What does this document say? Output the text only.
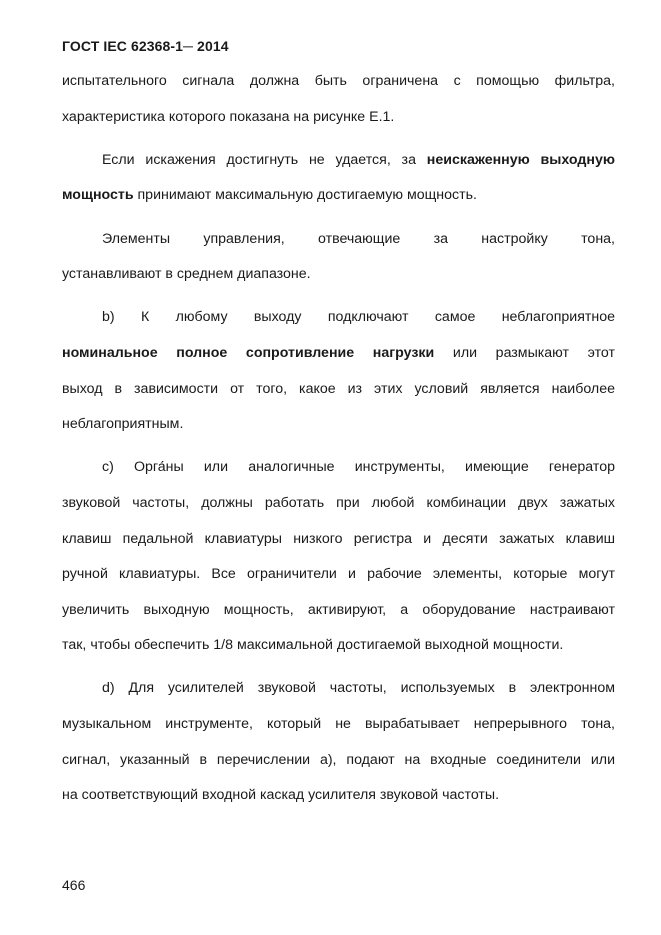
ГОСТ IEC 62368-1─ 2014
испытательного сигнала должна быть ограничена с помощью фильтра,
характеристика которого показана на рисунке Е.1.
Если искажения достигнуть не удается, за неискаженную выходную
мощность принимают максимальную достигаемую мощность.
Элементы управления, отвечающие за настройку тона,
устанавливают в среднем диапазоне.
b) К любому выходу подключают самое неблагоприятное
номинальное полное сопротивление нагрузки или размыкают этот
выход в зависимости от того, какое из этих условий является наиболее
неблагоприятным.
с) Орга́ны или аналогичные инструменты, имеющие генератор
звуковой частоты, должны работать при любой комбинации двух зажатых
клавиш педальной клавиатуры низкого регистра и десяти зажатых клавиш
ручной клавиатуры. Все ограничители и рабочие элементы, которые могут
увеличить выходную мощность, активируют, а оборудование настраивают
так, чтобы обеспечить 1/8 максимальной достигаемой выходной мощности.
d) Для усилителей звуковой частоты, используемых в электронном
музыкальном инструменте, который не вырабатывает непрерывного тона,
сигнал, указанный в перечислении а), подают на входные соединители или
на соответствующий входной каскад усилителя звуковой частоты.
466
